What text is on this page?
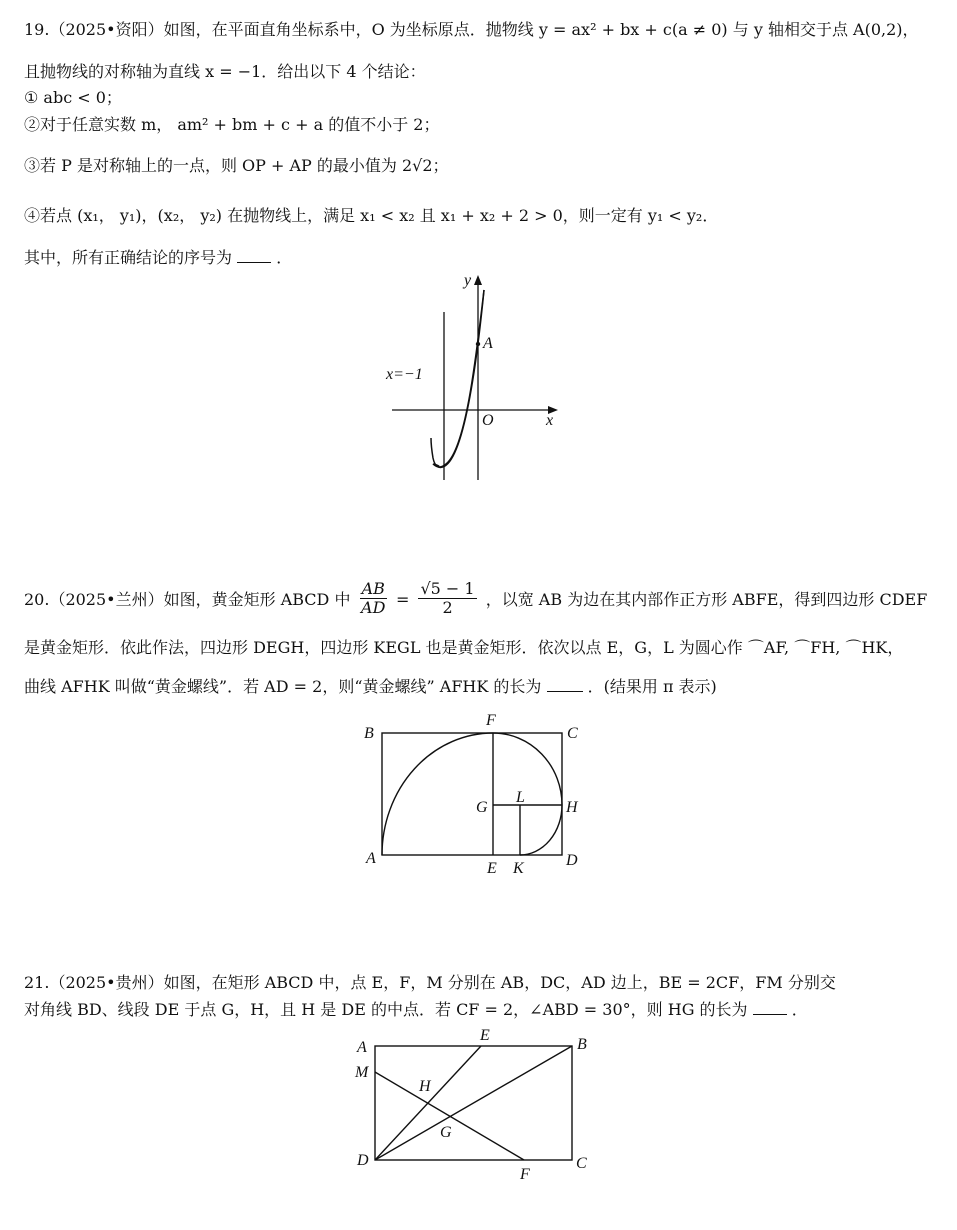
19.（2025•资阳）如图，在平面直角坐标系中，O 为坐标原点．抛物线 y = ax² + bx + c(a ≠ 0) 与 y 轴相交于点 A(0,2)，
且抛物线的对称轴为直线 x = −1．给出以下 4 个结论：
① abc < 0；
②对于任意实数 m， am² + bm + c + a 的值不小于 2；
③若 P 是对称轴上的一点，则 OP + AP 的最小值为 2√2；
④若点 (x₁， y₁)，(x₂， y₂) 在抛物线上，满足 x₁ < x₂ 且 x₁ + x₂ + 2 > 0，则一定有 y₁ < y₂．
其中，所有正确结论的序号为	．
A
y
x
O
x=−1
20.（2025•兰州）如图，黄金矩形 ABCD 中 $\frac{AB}{AD} = \frac{√5 - 1}{2}$ ，以宽 AB 为边在其内部作正方形 ABFE，得到四边形 CDEF
是黄金矩形．依此作法，四边形 DEGH，四边形 KEGL 也是黄金矩形．依次以点 E，G，L 为圆心作 ⌒AF, ⌒FH, ⌒HK，
曲线 AFHK 叫做“黄金螺线”．若 AD = 2，则“黄金螺线” AFHK 的长为	．(结果用 π 表示)
B
F
C
G
L
H
A
E K	D
21.（2025•贵州）如图，在矩形 ABCD 中，点 E，F，M 分别在 AB，DC，AD 边上，BE = 2CF，FM 分别交
对角线 BD、线段 DE 于点 G，H，且 H 是 DE 的中点．若 CF = 2，∠ABD = 30°，则 HG 的长为	．
A
E
B
M
H
G
D
F
C
